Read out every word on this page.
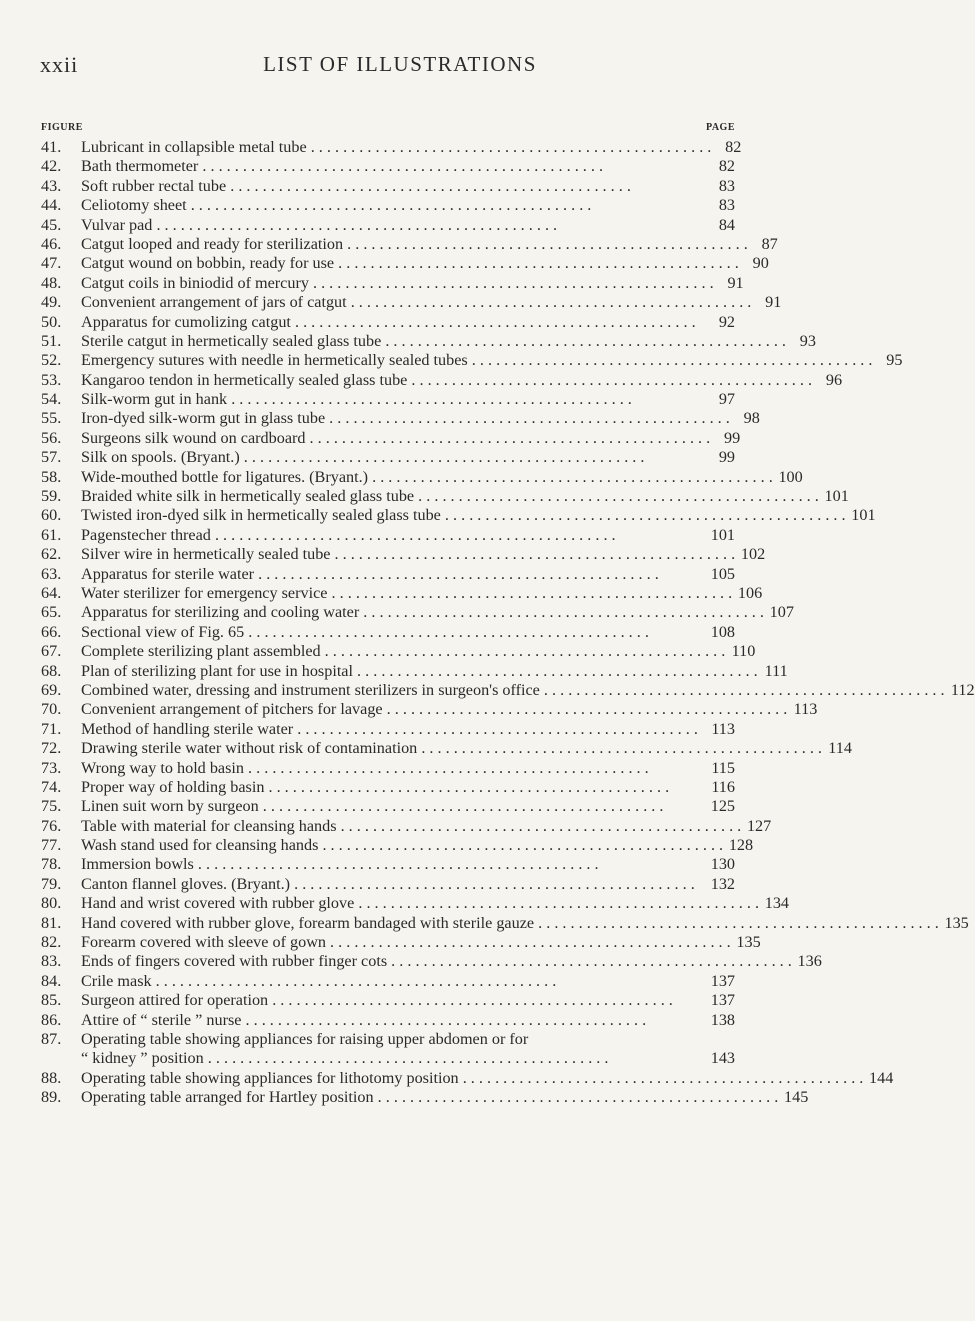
xxii	LIST OF ILLUSTRATIONS
FIGURE	PAGE
41.	Lubricant in collapsible metal tube . . . . . . . . . . . . . . . . . . . . . . . . . . . . . . . . . . . . . . . . . . . . . . . . . . 82
42.	Bath thermometer . . . . . . . . . . . . . . . . . . . . . . . . . . . . . . . . . . . . . . . . . . . . . . . . . .	82
43.	Soft rubber rectal tube . . . . . . . . . . . . . . . . . . . . . . . . . . . . . . . . . . . . . . . . . . . . . . . . . .	83
44.	Celiotomy sheet . . . . . . . . . . . . . . . . . . . . . . . . . . . . . . . . . . . . . . . . . . . . . . . . . .	83
45.	Vulvar pad . . . . . . . . . . . . . . . . . . . . . . . . . . . . . . . . . . . . . . . . . . . . . . . . . .	84
46.	Catgut looped and ready for sterilization . . . . . . . . . . . . . . . . . . . . . . . . . . . . . . . . . . . . . . . . . . . . . . . . . . 87
47.	Catgut wound on bobbin, ready for use . . . . . . . . . . . . . . . . . . . . . . . . . . . . . . . . . . . . . . . . . . . . . . . . . . 90
48.	Catgut coils in biniodid of mercury . . . . . . . . . . . . . . . . . . . . . . . . . . . . . . . . . . . . . . . . . . . . . . . . . . 91
49.	Convenient arrangement of jars of catgut . . . . . . . . . . . . . . . . . . . . . . . . . . . . . . . . . . . . . . . . . . . . . . . . . . 91
50.	Apparatus for cumolizing catgut . . . . . . . . . . . . . . . . . . . . . . . . . . . . . . . . . . . . . . . . . . . . . . . . . .	92
51.	Sterile catgut in hermetically sealed glass tube . . . . . . . . . . . . . . . . . . . . . . . . . . . . . . . . . . . . . . . . . . . . . . . . . . 93
52.	Emergency sutures with needle in hermetically sealed tubes . . . . . . . . . . . . . . . . . . . . . . . . . . . . . . . . . . . . . . . . . . . . . . . . . . 95
53.	Kangaroo tendon in hermetically sealed glass tube . . . . . . . . . . . . . . . . . . . . . . . . . . . . . . . . . . . . . . . . . . . . . . . . . . 96
54.	Silk-worm gut in hank . . . . . . . . . . . . . . . . . . . . . . . . . . . . . . . . . . . . . . . . . . . . . . . . . .	97
55.	Iron-dyed silk-worm gut in glass tube . . . . . . . . . . . . . . . . . . . . . . . . . . . . . . . . . . . . . . . . . . . . . . . . . . 98
56.	Surgeons silk wound on cardboard . . . . . . . . . . . . . . . . . . . . . . . . . . . . . . . . . . . . . . . . . . . . . . . . . . 99
57.	Silk on spools. (Bryant.) . . . . . . . . . . . . . . . . . . . . . . . . . . . . . . . . . . . . . . . . . . . . . . . . . .	99
58.	Wide-mouthed bottle for ligatures. (Bryant.) . . . . . . . . . . . . . . . . . . . . . . . . . . . . . . . . . . . . . . . . . . . . . . . . . . 100
59.	Braided white silk in hermetically sealed glass tube . . . . . . . . . . . . . . . . . . . . . . . . . . . . . . . . . . . . . . . . . . . . . . . . . . 101
60.	Twisted iron-dyed silk in hermetically sealed glass tube . . . . . . . . . . . . . . . . . . . . . . . . . . . . . . . . . . . . . . . . . . . . . . . . . . 101
61.	Pagenstecher thread . . . . . . . . . . . . . . . . . . . . . . . . . . . . . . . . . . . . . . . . . . . . . . . . . .	101
62.	Silver wire in hermetically sealed tube . . . . . . . . . . . . . . . . . . . . . . . . . . . . . . . . . . . . . . . . . . . . . . . . . . 102
63.	Apparatus for sterile water . . . . . . . . . . . . . . . . . . . . . . . . . . . . . . . . . . . . . . . . . . . . . . . . . .	105
64.	Water sterilizer for emergency service . . . . . . . . . . . . . . . . . . . . . . . . . . . . . . . . . . . . . . . . . . . . . . . . . . 106
65.	Apparatus for sterilizing and cooling water . . . . . . . . . . . . . . . . . . . . . . . . . . . . . . . . . . . . . . . . . . . . . . . . . . 107
66.	Sectional view of Fig. 65 . . . . . . . . . . . . . . . . . . . . . . . . . . . . . . . . . . . . . . . . . . . . . . . . . .	108
67.	Complete sterilizing plant assembled . . . . . . . . . . . . . . . . . . . . . . . . . . . . . . . . . . . . . . . . . . . . . . . . . . 110
68.	Plan of sterilizing plant for use in hospital . . . . . . . . . . . . . . . . . . . . . . . . . . . . . . . . . . . . . . . . . . . . . . . . . . 111
69.	Combined water, dressing and instrument sterilizers in surgeon's office . . . . . . . . . . . . . . . . . . . . . . . . . . . . . . . . . . . . . . . . . . . . . . . . . . 112
70.	Convenient arrangement of pitchers for lavage . . . . . . . . . . . . . . . . . . . . . . . . . . . . . . . . . . . . . . . . . . . . . . . . . . 113
71.	Method of handling sterile water . . . . . . . . . . . . . . . . . . . . . . . . . . . . . . . . . . . . . . . . . . . . . . . . . . 113
72.	Drawing sterile water without risk of contamination . . . . . . . . . . . . . . . . . . . . . . . . . . . . . . . . . . . . . . . . . . . . . . . . . . 114
73.	Wrong way to hold basin . . . . . . . . . . . . . . . . . . . . . . . . . . . . . . . . . . . . . . . . . . . . . . . . . .	115
74.	Proper way of holding basin . . . . . . . . . . . . . . . . . . . . . . . . . . . . . . . . . . . . . . . . . . . . . . . . . .	116
75.	Linen suit worn by surgeon . . . . . . . . . . . . . . . . . . . . . . . . . . . . . . . . . . . . . . . . . . . . . . . . . .	125
76.	Table with material for cleansing hands . . . . . . . . . . . . . . . . . . . . . . . . . . . . . . . . . . . . . . . . . . . . . . . . . . 127
77.	Wash stand used for cleansing hands . . . . . . . . . . . . . . . . . . . . . . . . . . . . . . . . . . . . . . . . . . . . . . . . . . 128
78.	Immersion bowls . . . . . . . . . . . . . . . . . . . . . . . . . . . . . . . . . . . . . . . . . . . . . . . . . .	130
79.	Canton flannel gloves. (Bryant.) . . . . . . . . . . . . . . . . . . . . . . . . . . . . . . . . . . . . . . . . . . . . . . . . . . 132
80.	Hand and wrist covered with rubber glove . . . . . . . . . . . . . . . . . . . . . . . . . . . . . . . . . . . . . . . . . . . . . . . . . . 134
81.	Hand covered with rubber glove, forearm bandaged with sterile gauze . . . . . . . . . . . . . . . . . . . . . . . . . . . . . . . . . . . . . . . . . . . . . . . . . . 135
82.	Forearm covered with sleeve of gown . . . . . . . . . . . . . . . . . . . . . . . . . . . . . . . . . . . . . . . . . . . . . . . . . . 135
83.	Ends of fingers covered with rubber finger cots . . . . . . . . . . . . . . . . . . . . . . . . . . . . . . . . . . . . . . . . . . . . . . . . . . 136
84.	Crile mask . . . . . . . . . . . . . . . . . . . . . . . . . . . . . . . . . . . . . . . . . . . . . . . . . .	137
85.	Surgeon attired for operation . . . . . . . . . . . . . . . . . . . . . . . . . . . . . . . . . . . . . . . . . . . . . . . . . .	137
86.	Attire of “ sterile ” nurse . . . . . . . . . . . . . . . . . . . . . . . . . . . . . . . . . . . . . . . . . . . . . . . . . .	138
87.	Operating table showing appliances for raising upper abdomen or for
“ kidney ” position . . . . . . . . . . . . . . . . . . . . . . . . . . . . . . . . . . . . . . . . . . . . . . . . . .	143
88.	Operating table showing appliances for lithotomy position . . . . . . . . . . . . . . . . . . . . . . . . . . . . . . . . . . . . . . . . . . . . . . . . . . 144
89.	Operating table arranged for Hartley position . . . . . . . . . . . . . . . . . . . . . . . . . . . . . . . . . . . . . . . . . . . . . . . . . . 145
